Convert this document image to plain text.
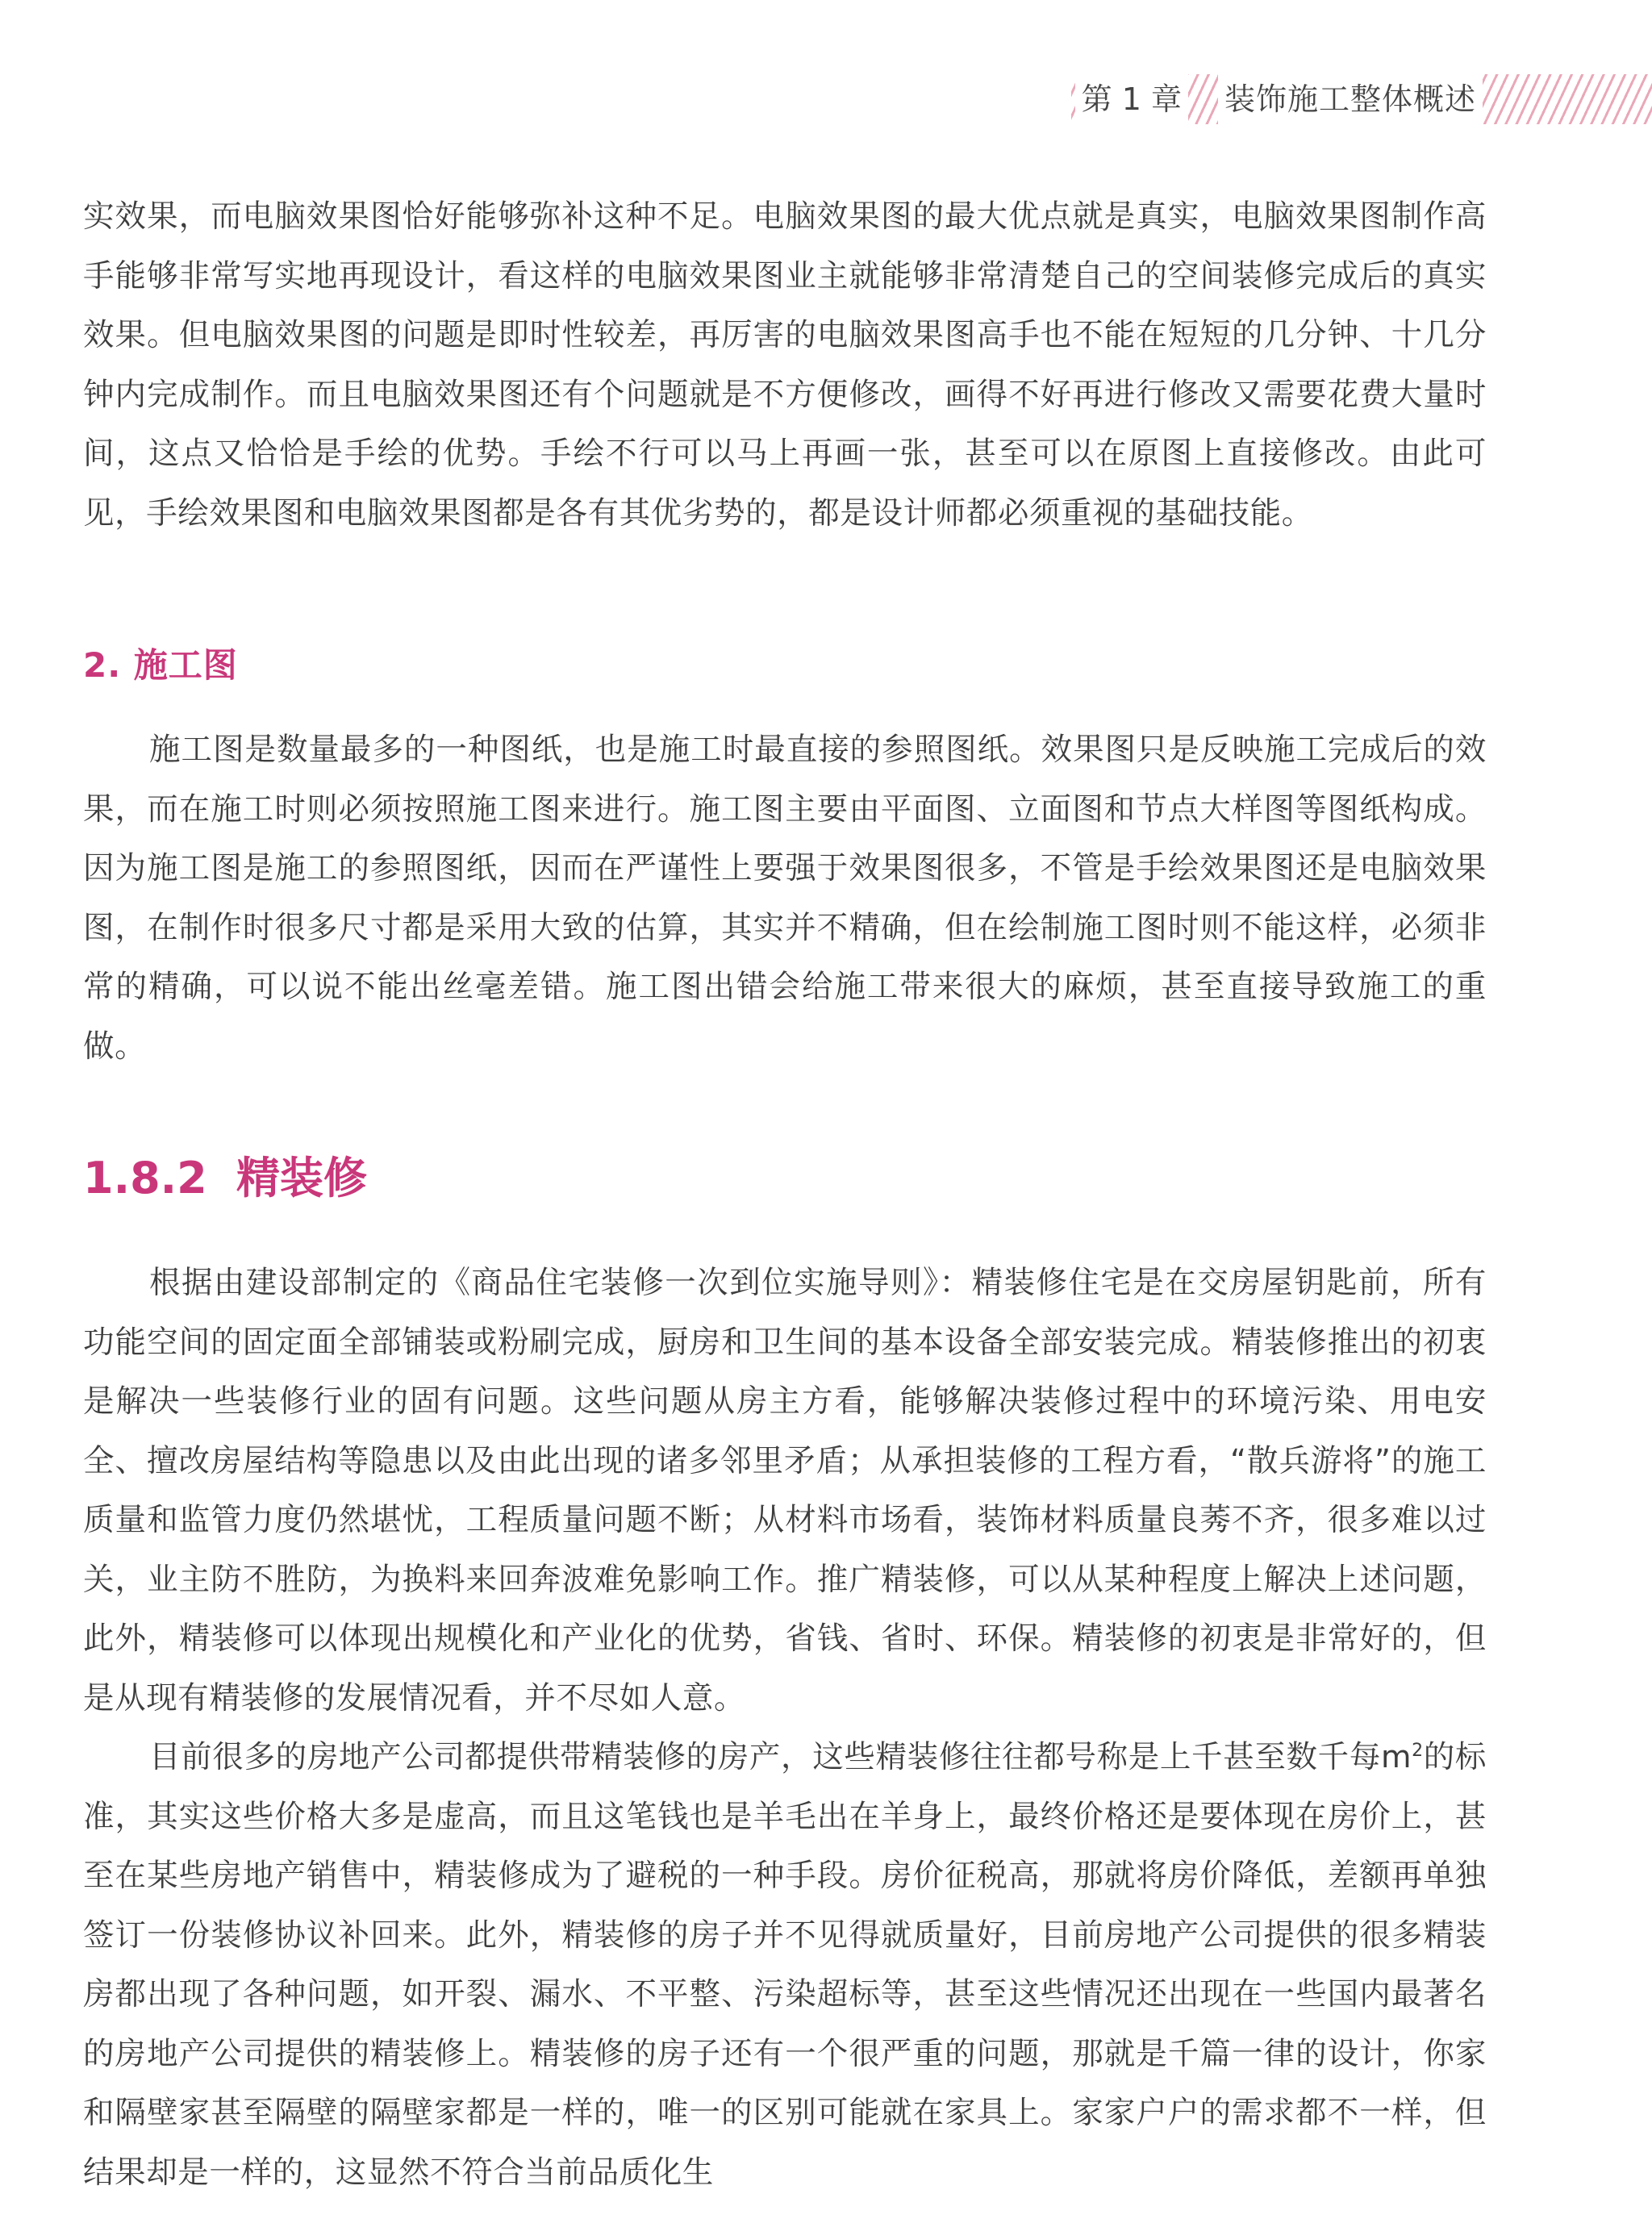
第 1 章 装饰施工整体概述

实效果，而电脑效果图恰好能够弥补这种不足。电脑效果图的最大优点就是真实，电脑效果图制作高手能够非常写实地再现设计，看这样的电脑效果图业主就能够非常清楚自己的空间装修完成后的真实效果。但电脑效果图的问题是即时性较差，再厉害的电脑效果图高手也不能在短短的几分钟、十几分钟内完成制作。而且电脑效果图还有个问题就是不方便修改，画得不好再进行修改又需要花费大量时间，这点又恰恰是手绘的优势。手绘不行可以马上再画一张，甚至可以在原图上直接修改。由此可见，手绘效果图和电脑效果图都是各有其优劣势的，都是设计师都必须重视的基础技能。

2. 施工图

施工图是数量最多的一种图纸，也是施工时最直接的参照图纸。效果图只是反映施工完成后的效果，而在施工时则必须按照施工图来进行。施工图主要由平面图、立面图和节点大样图等图纸构成。因为施工图是施工的参照图纸，因而在严谨性上要强于效果图很多，不管是手绘效果图还是电脑效果图，在制作时很多尺寸都是采用大致的估算，其实并不精确，但在绘制施工图时则不能这样，必须非常的精确，可以说不能出丝毫差错。施工图出错会给施工带来很大的麻烦，甚至直接导致施工的重做。

1.8.2 精装修

根据由建设部制定的《商品住宅装修一次到位实施导则》：精装修住宅是在交房屋钥匙前，所有功能空间的固定面全部铺装或粉刷完成，厨房和卫生间的基本设备全部安装完成。精装修推出的初衷是解决一些装修行业的固有问题。这些问题从房主方看，能够解决装修过程中的环境污染、用电安全、擅改房屋结构等隐患以及由此出现的诸多邻里矛盾；从承担装修的工程方看，“散兵游将”的施工质量和监管力度仍然堪忧，工程质量问题不断；从材料市场看，装饰材料质量良莠不齐，很多难以过关，业主防不胜防，为换料来回奔波难免影响工作。推广精装修，可以从某种程度上解决上述问题，此外，精装修可以体现出规模化和产业化的优势，省钱、省时、环保。精装修的初衷是非常好的，但是从现有精装修的发展情况看，并不尽如人意。

目前很多的房地产公司都提供带精装修的房产，这些精装修往往都号称是上千甚至数千每$m^2$的标准，其实这些价格大多是虚高，而且这笔钱也是羊毛出在羊身上，最终价格还是要体现在房价上，甚至在某些房地产销售中，精装修成为了避税的一种手段。房价征税高，那就将房价降低，差额再单独签订一份装修协议补回来。此外，精装修的房子并不见得就质量好，目前房地产公司提供的很多精装房都出现了各种问题，如开裂、漏水、不平整、污染超标等，甚至这些情况还出现在一些国内最著名的房地产公司提供的精装修上。精装修的房子还有一个很严重的问题，那就是千篇一律的设计，你家和隔壁家甚至隔壁的隔壁家都是一样的，唯一的区别可能就在家具上。家家户户的需求都不一样，但结果却是一样的，这显然不符合当前品质化生
